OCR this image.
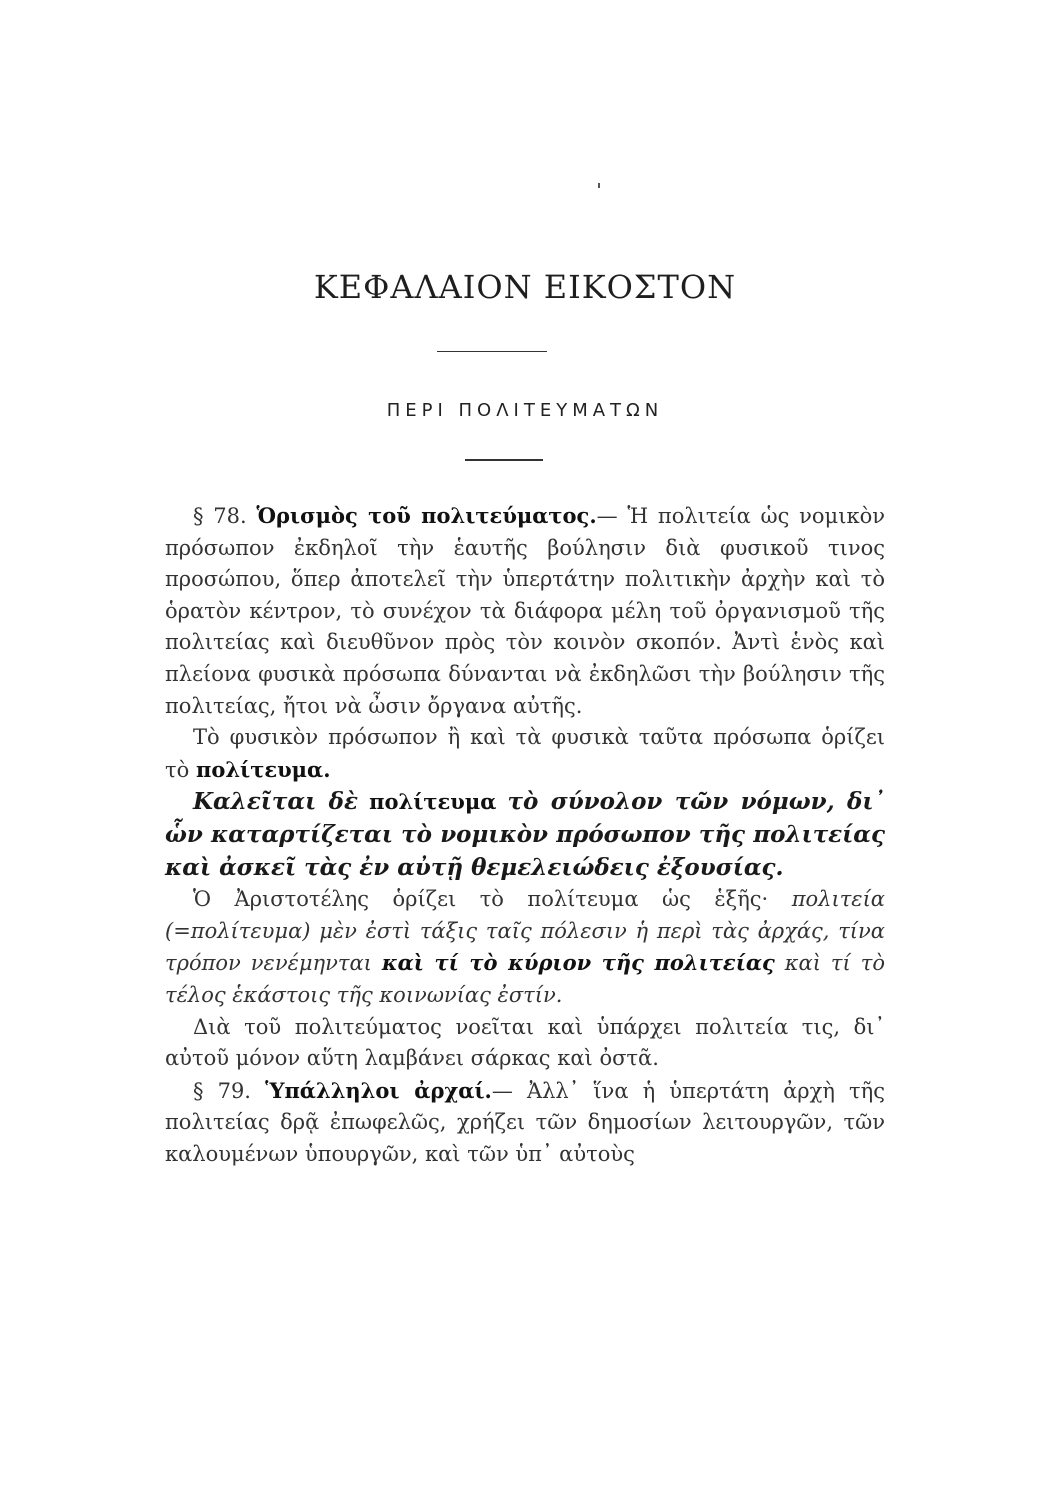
ΚΕΦΑΛΑΙΟΝ ΕΙΚΟΣΤΟΝ
ΠΕΡΙ ΠΟΛΙΤΕΥΜΑΤΩΝ

§ 78. Ὁρισμὸς τοῦ πολιτεύματος.— Ἡ πολιτεία ὡς νομικὸν πρόσωπον ἐκδηλοῖ τὴν ἑαυτῆς βούλησιν διὰ φυσικοῦ τινος προσώπου, ὅπερ ἀποτελεῖ τὴν ὑπερτάτην πολιτικὴν ἀρχὴν καὶ τὸ ὁρατὸν κέντρον, τὸ συνέχον τὰ διάφορα μέλη τοῦ ὀργανισμοῦ τῆς πολιτείας καὶ διευθῦνον πρὸς τὸν κοινὸν σκοπόν. Ἀντὶ ἑνὸς καὶ πλείονα φυσικὰ πρόσωπα δύνανται νὰ ἐκδηλῶσι τὴν βούλησιν τῆς πολιτείας, ἤτοι νὰ ὦσιν ὄργανα αὐτῆς.

Τὸ φυσικὸν πρόσωπον ἢ καὶ τὰ φυσικὰ ταῦτα πρόσωπα ὁρίζει τὸ πολίτευμα.

Καλεῖται δὲ πολίτευμα τὸ σύνολον τῶν νόμων, δι᾽ ὧν καταρτίζεται τὸ νομικὸν πρόσωπον τῆς πολιτείας καὶ ἀσκεῖ τὰς ἐν αὐτῇ θεμελειώδεις ἐξουσίας.

Ὁ Ἀριστοτέλης ὁρίζει τὸ πολίτευμα ὡς ἑξῆς· πολιτεία (=πολίτευμα) μὲν ἐστὶ τάξις ταῖς πόλεσιν ἡ περὶ τὰς ἀρχάς, τίνα τρόπον νενέμηνται καὶ τί τὸ κύριον τῆς πολιτείας καὶ τί τὸ τέλος ἑκάστοις τῆς κοινωνίας ἐστίν.

Διὰ τοῦ πολιτεύματος νοεῖται καὶ ὑπάρχει πολιτεία τις, δι᾽ αὐτοῦ μόνον αὕτη λαμβάνει σάρκας καὶ ὀστᾶ.

§ 79. Ὑπάλληλοι ἀρχαί.— Ἀλλ᾽ ἵνα ἡ ὑπερτάτη ἀρχὴ τῆς πολιτείας δρᾷ ἐπωφελῶς, χρήζει τῶν δημοσίων λειτουργῶν, τῶν καλουμένων ὑπουργῶν, καὶ τῶν ὑπ᾽ αὐτοὺς
